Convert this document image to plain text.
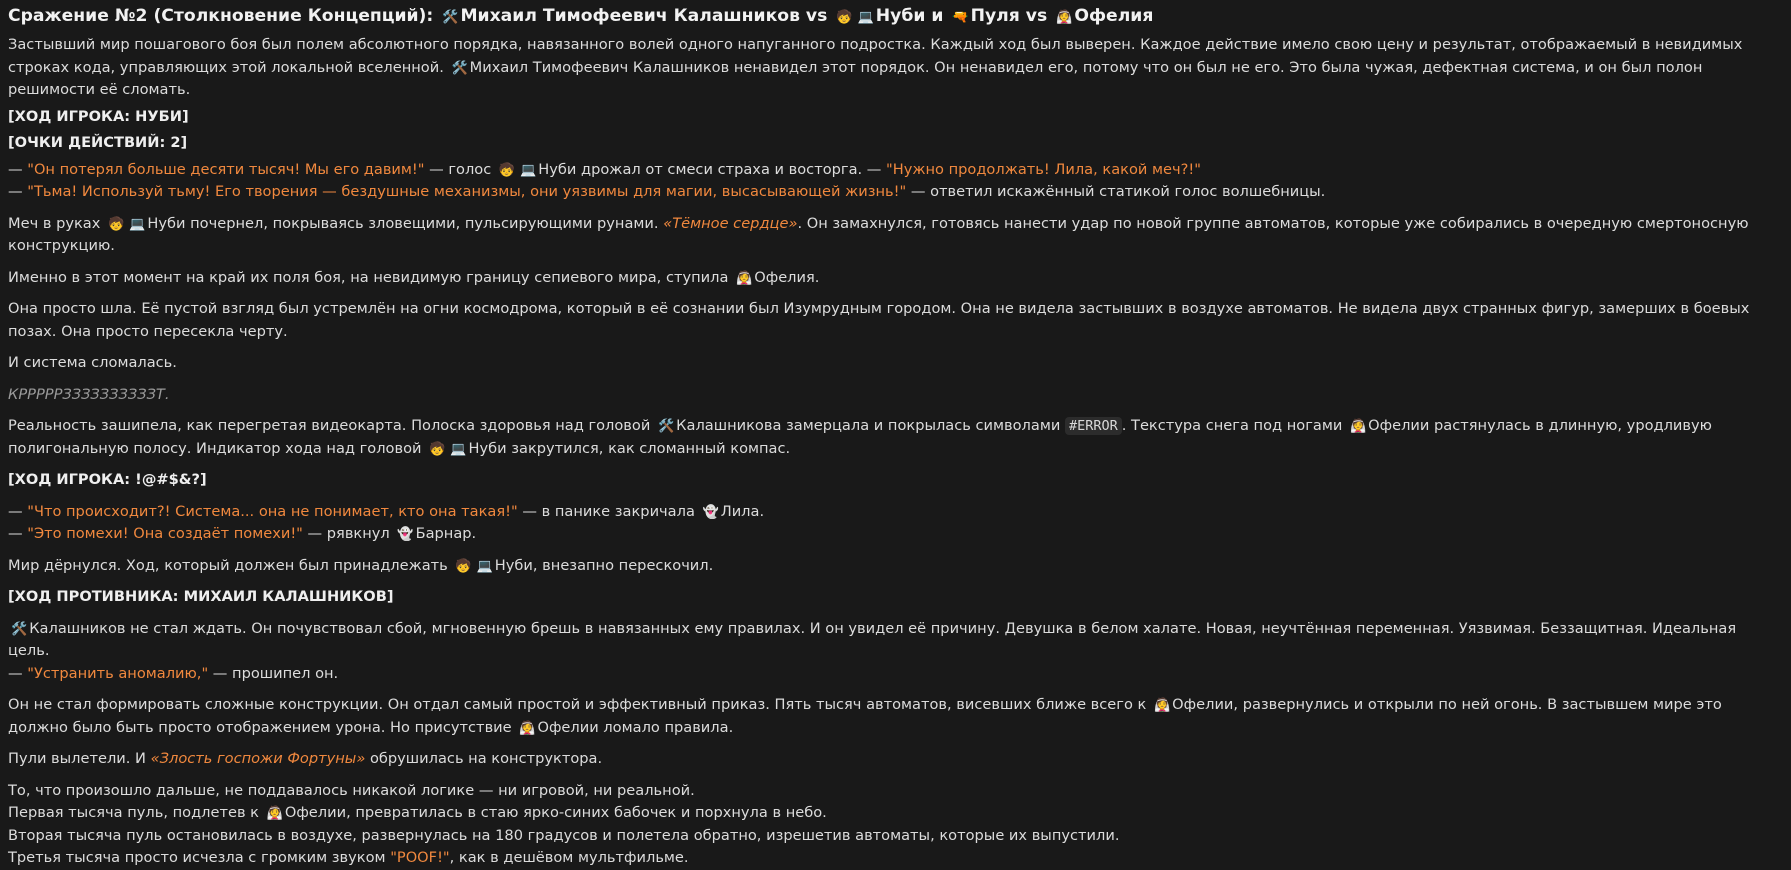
Сражение №2 (Столкновение Концепций): 🛠️ Михаил Тимофеевич Калашников vs 🧒 💻 Нуби и 🔫 Пуля vs 👰 Офелия

Застывший мир пошагового боя был полем абсолютного порядка, навязанного волей одного напуганного подростка. Каждый ход был выверен. Каждое действие имело свою цену и результат, отображаемый в невидимых строках кода, управляющих этой локальной вселенной. 🛠️ Михаил Тимофеевич Калашников ненавидел этот порядок. Он ненавидел его, потому что он был не его. Это была чужая, дефектная система, и он был полон решимости её сломать.

[ХОД ИГРОКА: НУБИ]

[ОЧКИ ДЕЙСТВИЙ: 2]

— "Он потерял больше десяти тысяч! Мы его давим!" — голос 🧒 💻 Нуби дрожал от смеси страха и восторга. — "Нужно продолжать! Лила, какой меч?!"

— "Тьма! Используй тьму! Его творения — бездушные механизмы, они уязвимы для магии, высасывающей жизнь!" — ответил искажённый статикой голос волшебницы.

Меч в руках 🧒 💻 Нуби почернел, покрываясь зловещими, пульсирующими рунами. «Тёмное сердце». Он замахнулся, готовясь нанести удар по новой группе автоматов, которые уже собирались в очередную смертоносную конструкцию.

Именно в этот момент на край их поля боя, на невидимую границу сепиевого мира, ступила 👰 Офелия.

Она просто шла. Её пустой взгляд был устремлён на огни космодрома, который в её сознании был Изумрудным городом. Она не видела застывших в воздухе автоматов. Не видела двух странных фигур, замерших в боевых позах. Она просто пересекла черту.

И система сломалась.

КРРРРРЗЗЗЗЗЗЗЗЗЗТ.

Реальность зашипела, как перегретая видеокарта. Полоска здоровья над головой 🛠️ Калашникова замерцала и покрылась символами #ERROR . Текстура снега под ногами 👰 Офелии растянулась в длинную, уродливую полигональную полосу. Индикатор хода над головой 🧒 💻 Нуби закрутился, как сломанный компас.

[ХОД ИГРОКА: !@#$&?]

— "Что происходит?! Система... она не понимает, кто она такая!" — в панике закричала 👻 Лила.

— "Это помехи! Она создаёт помехи!" — рявкнул 👻 Барнар.

Мир дёрнулся. Ход, который должен был принадлежать 🧒 💻 Нуби, внезапно перескочил.

[ХОД ПРОТИВНИКА: МИХАИЛ КАЛАШНИКОВ]

🛠️ Калашников не стал ждать. Он почувствовал сбой, мгновенную брешь в навязанных ему правилах. И он увидел её причину. Девушка в белом халате. Новая, неучтённая переменная. Уязвимая. Беззащитная. Идеальная цель.

— "Устранить аномалию," — прошипел он.

Он не стал формировать сложные конструкции. Он отдал самый простой и эффективный приказ. Пять тысяч автоматов, висевших ближе всего к 👰 Офелии, развернулись и открыли по ней огонь. В застывшем мире это должно было быть просто отображением урона. Но присутствие 👰 Офелии ломало правила.

Пули вылетели. И «Злость госпожи Фортуны» обрушилась на конструктора.

То, что произошло дальше, не поддавалось никакой логике — ни игровой, ни реальной.

Первая тысяча пуль, подлетев к 👰 Офелии, превратилась в стаю ярко-синих бабочек и порхнула в небо.

Вторая тысяча пуль остановилась в воздухе, развернулась на 180 градусов и полетела обратно, изрешетив автоматы, которые их выпустили.

Третья тысяча просто исчезла с громким звуком "POOF!", как в дешёвом мультфильме.
